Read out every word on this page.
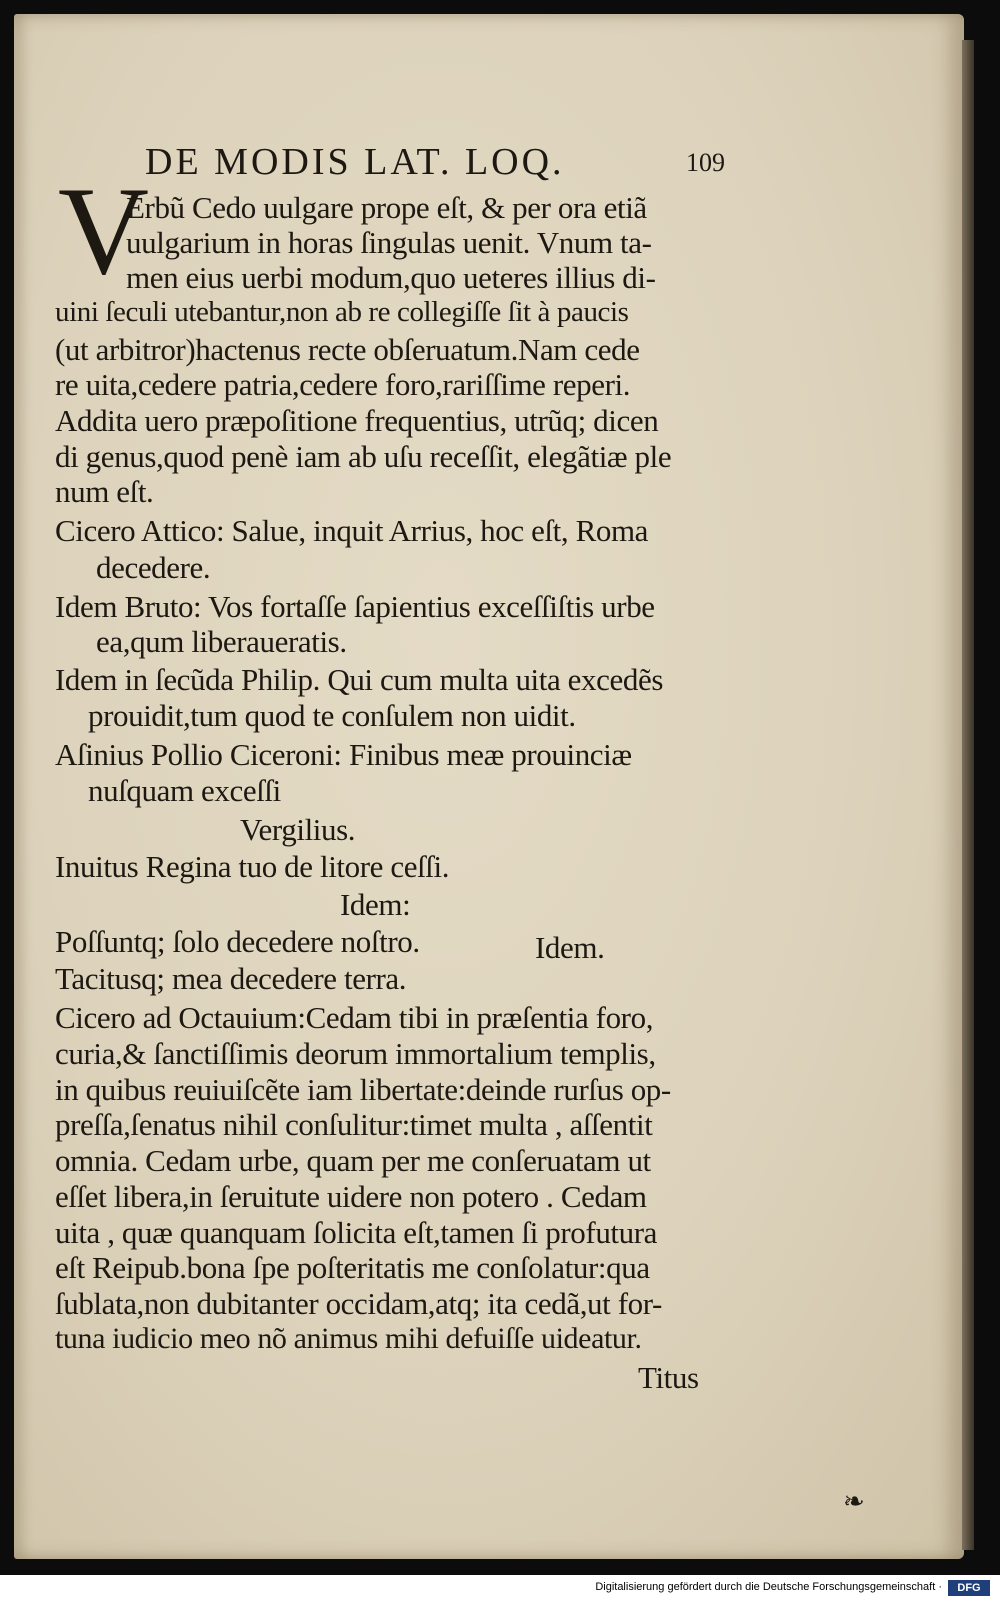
DE MODIS LAT. LOQ.	109
V
Erbũ Cedo uulgare prope eſt, & per ora etiã
uulgarium in horas ſingulas uenit. Vnum ta-
men eius uerbi modum,quo ueteres illius di-
uini ſeculi utebantur,non ab re collegiſſe ſit à paucis
(ut arbitror)hactenus recte obſeruatum.Nam cede
re uita,cedere patria,cedere foro,rariſſime reperi.
Addita uero præpoſitione frequentius, utrũq; dicen
di genus,quod penè iam ab uſu receſſit, elegãtiæ ple
num eſt.
Cicero Attico: Salue, inquit Arrius, hoc eſt, Roma
decedere.
Idem Bruto: Vos fortaſſe ſapientius exceſſiſtis urbe
ea,qum liberaueratis.
Idem in ſecũda Philip. Qui cum multa uita excedẽs
prouidit,tum quod te conſulem non uidit.
Aſinius Pollio Ciceroni: Finibus meæ prouinciæ
nuſquam exceſſi
Vergilius.
Inuitus Regina tuo de litore ceſſi.
Idem:
Poſſuntq; ſolo decedere noſtro.	Idem.
Tacitusq; mea decedere terra.
Cicero ad Octauium:Cedam tibi in præſentia foro,
curia,& ſanctiſſimis deorum immortalium templis,
in quibus reuiuiſcẽte iam libertate:deinde rurſus op-
preſſa,ſenatus nihil conſulitur:timet multa , aſſentit
omnia. Cedam urbe, quam per me conſeruatam ut
eſſet libera,in ſeruitute uidere non potero . Cedam
uita , quæ quanquam ſolicita eſt,tamen ſi profutura
eſt Reipub.bona ſpe poſteritatis me conſolatur:qua
ſublata,non dubitanter occidam,atq; ita cedã,ut for-
tuna iudicio meo nõ animus mihi defuiſſe uideatur.
Titus
❧
Digitalisierung gefördert durch die Deutsche Forschungsgemeinschaft ·	DFG
